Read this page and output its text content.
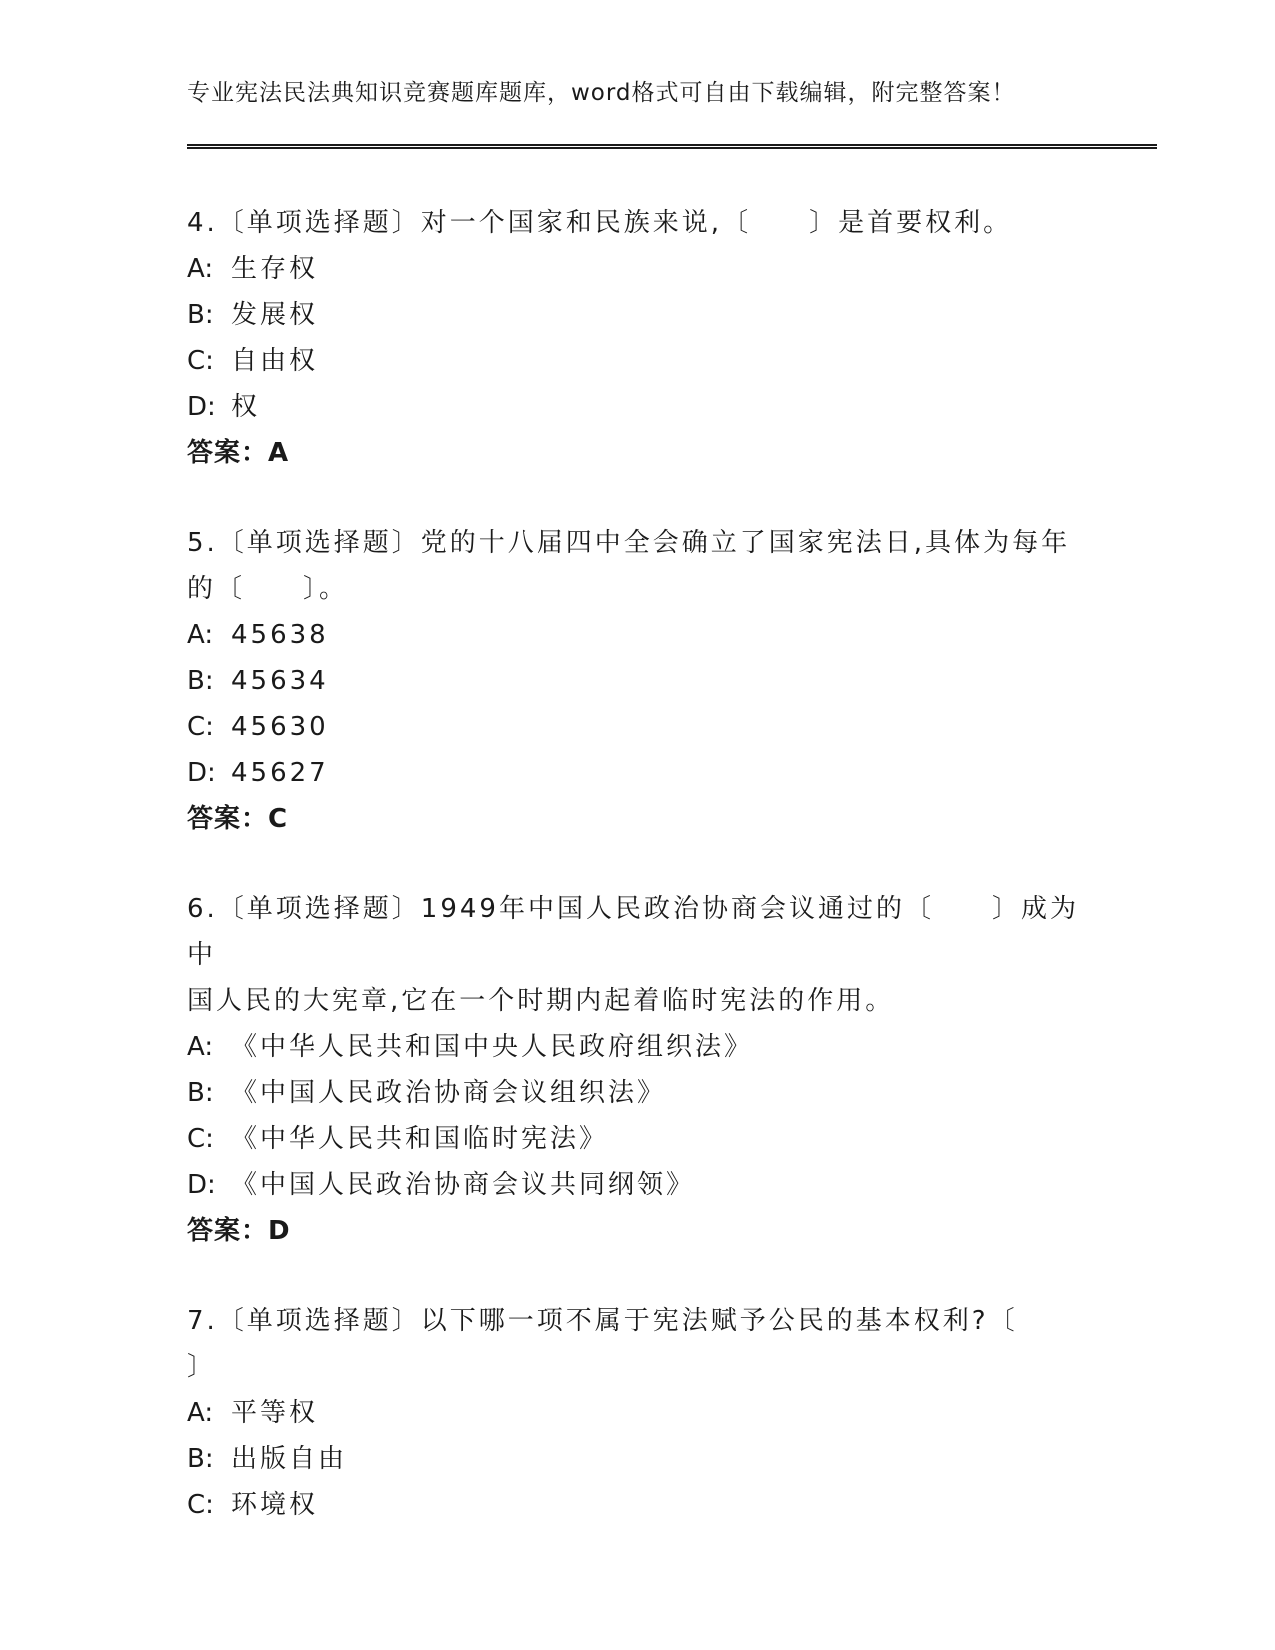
专业宪法民法典知识竞赛题库题库，word格式可自由下载编辑，附完整答案！
4.〔单项选择题〕对一个国家和民族来说,〔　　〕是首要权利。
A: 生存权
B: 发展权
C: 自由权
D: 权
答案：A
5.〔单项选择题〕党的十八届四中全会确立了国家宪法日,具体为每年
的〔　　〕。
A: 45638
B: 45634
C: 45630
D: 45627
答案：C
6.〔单项选择题〕1949年中国人民政治协商会议通过的〔　　〕成为中
国人民的大宪章,它在一个时期内起着临时宪法的作用。
A: 《中华人民共和国中央人民政府组织法》
B: 《中国人民政治协商会议组织法》
C: 《中华人民共和国临时宪法》
D: 《中国人民政治协商会议共同纲领》
答案：D
7.〔单项选择题〕以下哪一项不属于宪法赋予公民的基本权利?〔
〕
A: 平等权
B: 出版自由
C: 环境权
